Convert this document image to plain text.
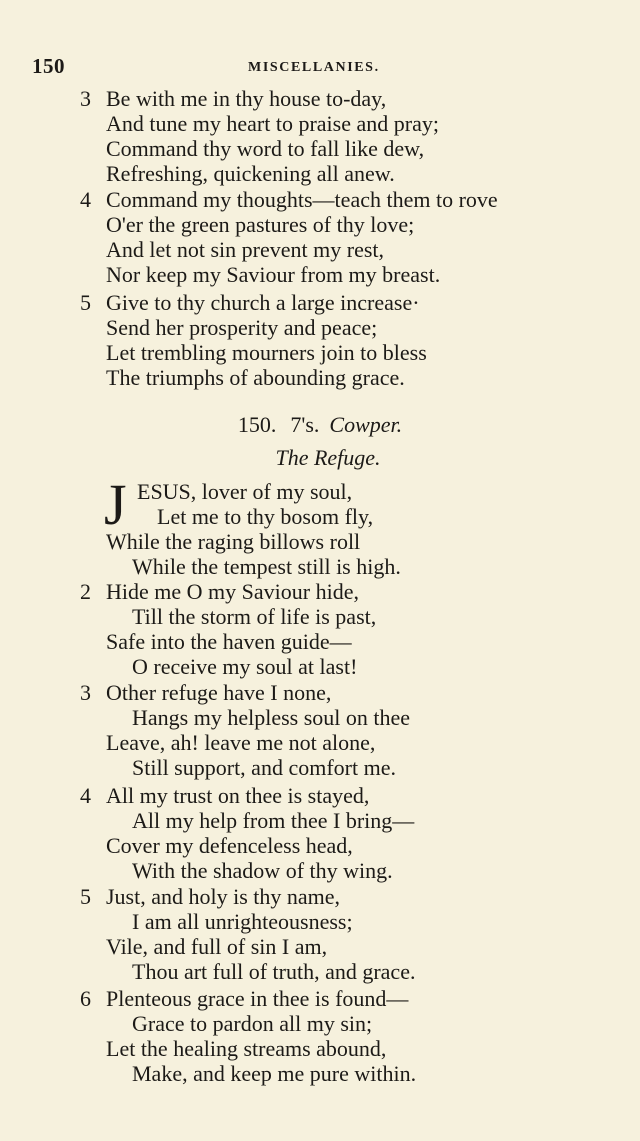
150	MISCELLANIES.
3 Be with me in thy house to-day,
And tune my heart to praise and pray;
Command thy word to fall like dew,
Refreshing, quickening all anew.
4 Command my thoughts—teach them to rove
O'er the green pastures of thy love;
And let not sin prevent my rest,
Nor keep my Saviour from my breast.
5 Give to thy church a large increase·
Send her prosperity and peace;
Let trembling mourners join to bless
The triumphs of abounding grace.
150. 7's. Cowper.
The Refuge.
J ESUS, lover of my soul,
Let me to thy bosom fly,
While the raging billows roll
While the tempest still is high.
2 Hide me O my Saviour hide,
Till the storm of life is past,
Safe into the haven guide—
O receive my soul at last!
3 Other refuge have I none,
Hangs my helpless soul on thee
Leave, ah! leave me not alone,
Still support, and comfort me.
4 All my trust on thee is stayed,
All my help from thee I bring—
Cover my defenceless head,
With the shadow of thy wing.
5 Just, and holy is thy name,
I am all unrighteousness;
Vile, and full of sin I am,
Thou art full of truth, and grace.
6 Plenteous grace in thee is found—
Grace to pardon all my sin;
Let the healing streams abound,
Make, and keep me pure within.
